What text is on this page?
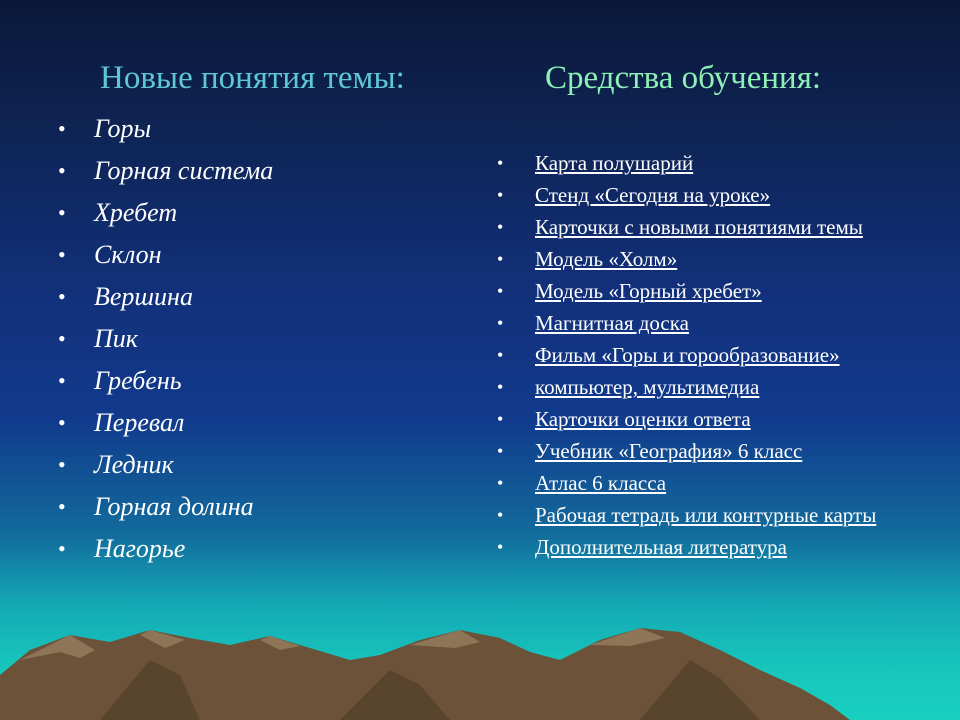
Новые понятия темы:	Средства обучения:
• Горы
• Горная система
• Хребет
• Склон
• Вершина
• Пик
• Гребень
• Перевал
• Ледник
• Горная долина
• Нагорье
• Карта полушарий
• Стенд «Сегодня на уроке»
• Карточки с новыми понятиями темы
• Модель «Холм»
• Модель «Горный хребет»
• Магнитная доска
• Фильм «Горы и горообразование»
• компьютер, мультимедиа
• Карточки оценки ответа
• Учебник «География» 6 класс
• Атлас 6 класса
• Рабочая тетрадь или контурные карты
• Дополнительная литература
